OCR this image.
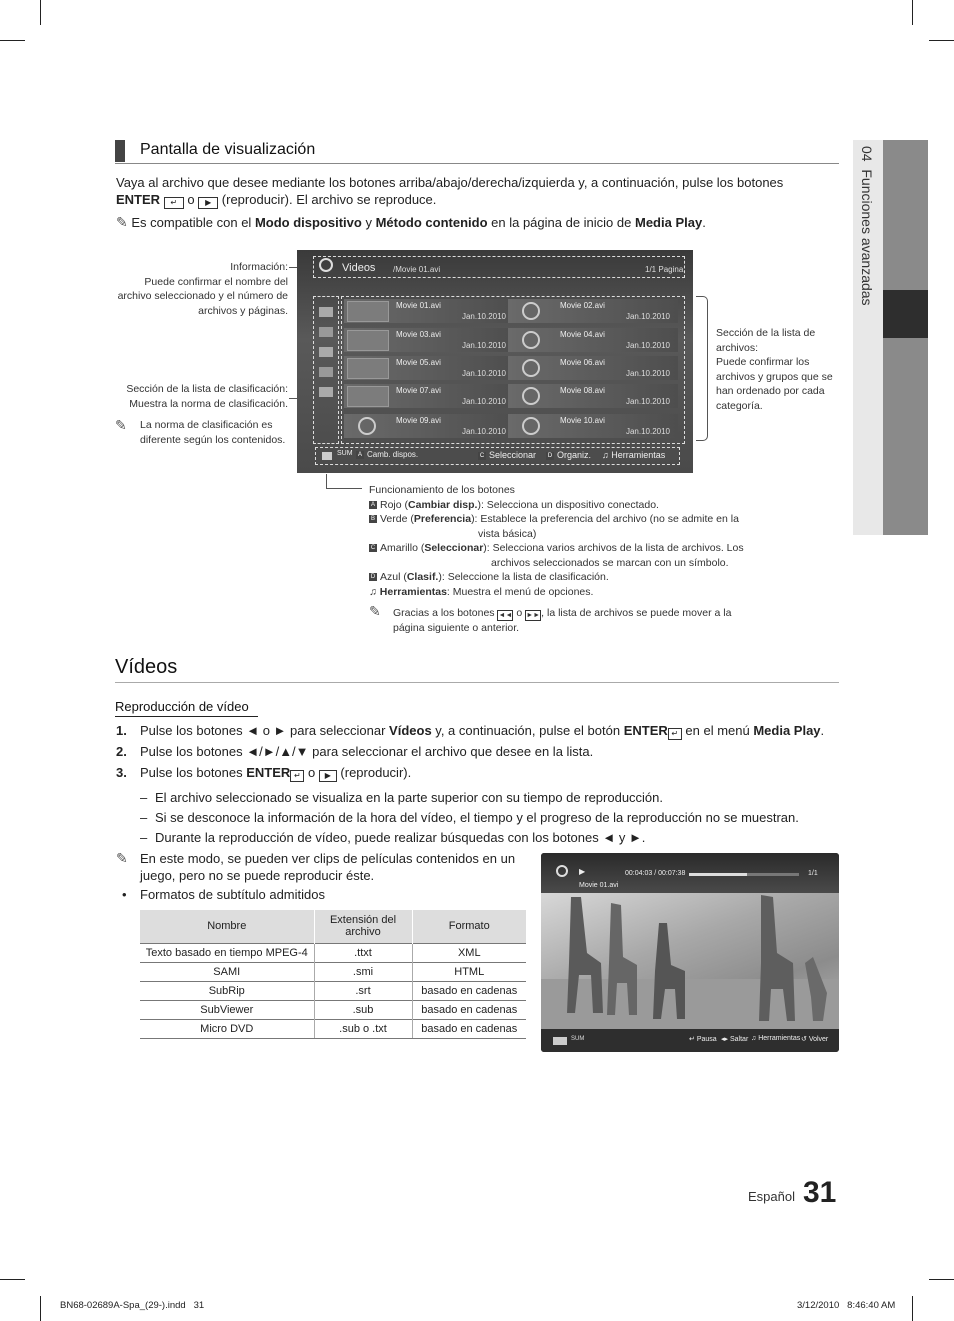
04  Funciones avanzadas
Pantalla de visualización
Vaya al archivo que desee mediante los botones arriba/abajo/derecha/izquierda y, a continuación, pulse los botones
ENTER ↵ o ▶ (reproducir). El archivo se reproduce.
✎ Es compatible con el Modo dispositivo y Método contenido en la página de inicio de Media Play.
Información:
Puede confirmar el nombre del archivo seleccionado y el número de archivos y páginas.
Sección de la lista de clasificación:
Muestra la norma de clasificación.
✎ La norma de clasificación es diferente según los contenidos.
Sección de la lista de archivos:
Puede confirmar los archivos y grupos que se han ordenado por cada categoría.
Videos /Movie 01.avi	1/1 Pagina
Movie 01.avi
Jan.10.2010
Movie 02.avi
Jan.10.2010
Movie 03.avi
Jan.10.2010
Movie 04.avi
Jan.10.2010
Movie 05.avi
Jan.10.2010
Movie 06.avi
Jan.10.2010
Movie 07.avi
Jan.10.2010
Movie 08.avi
Jan.10.2010
Movie 09.avi
Jan.10.2010
Movie 10.avi
Jan.10.2010
SUM A Camb. dispos.	C Seleccionar	D Organiz. ♫ Herramientas
Funcionamiento de los botones
A Rojo (Cambiar disp.): Selecciona un dispositivo conectado.
B Verde (Preferencia): Establece la preferencia del archivo (no se admite en la
vista básica)
C Amarillo (Seleccionar): Selecciona varios archivos de la lista de archivos. Los
archivos seleccionados se marcan con un símbolo.
D Azul (Clasif.): Seleccione la lista de clasificación.
♫ Herramientas: Muestra el menú de opciones.
✎ Gracias a los botones ◄◄ o ►►, la lista de archivos se puede mover a la
página siguiente o anterior.
Vídeos
Reproducción de vídeo
1. Pulse los botones ◄ o ► para seleccionar Vídeos y, a continuación, pulse el botón ENTER ↵ en el menú Media Play.
2. Pulse los botones ◄/►/▲/▼ para seleccionar el archivo que desee en la lista.
3. Pulse los botones ENTER ↵ o ▶ (reproducir).
– El archivo seleccionado se visualiza en la parte superior con su tiempo de reproducción.
– Si se desconoce la información de la hora del vídeo, el tiempo y el progreso de la reproducción no se muestran.
– Durante la reproducción de vídeo, puede realizar búsquedas con los botones ◄ y ►.
✎ En este modo, se pueden ver clips de películas contenidos en un juego, pero no se puede reproducir éste.
• Formatos de subtítulo admitidos
Nombre	Extensión del archivo	Formato
Texto basado en tiempo MPEG-4	.ttxt	XML
SAMI	.smi	HTML
SubRip	.srt	basado en cadenas
SubViewer	.sub	basado en cadenas
Micro DVD	.sub o .txt	basado en cadenas
▶	00:04:03 / 00:07:38	1/1
Movie 01.avi
SUM	↵ Pausa ◂▸ Saltar ♫ Herramientas ↺ Volver
Español 31
BN68-02689A-Spa_(29-).indd   31	3/12/2010   8:46:40 AM
